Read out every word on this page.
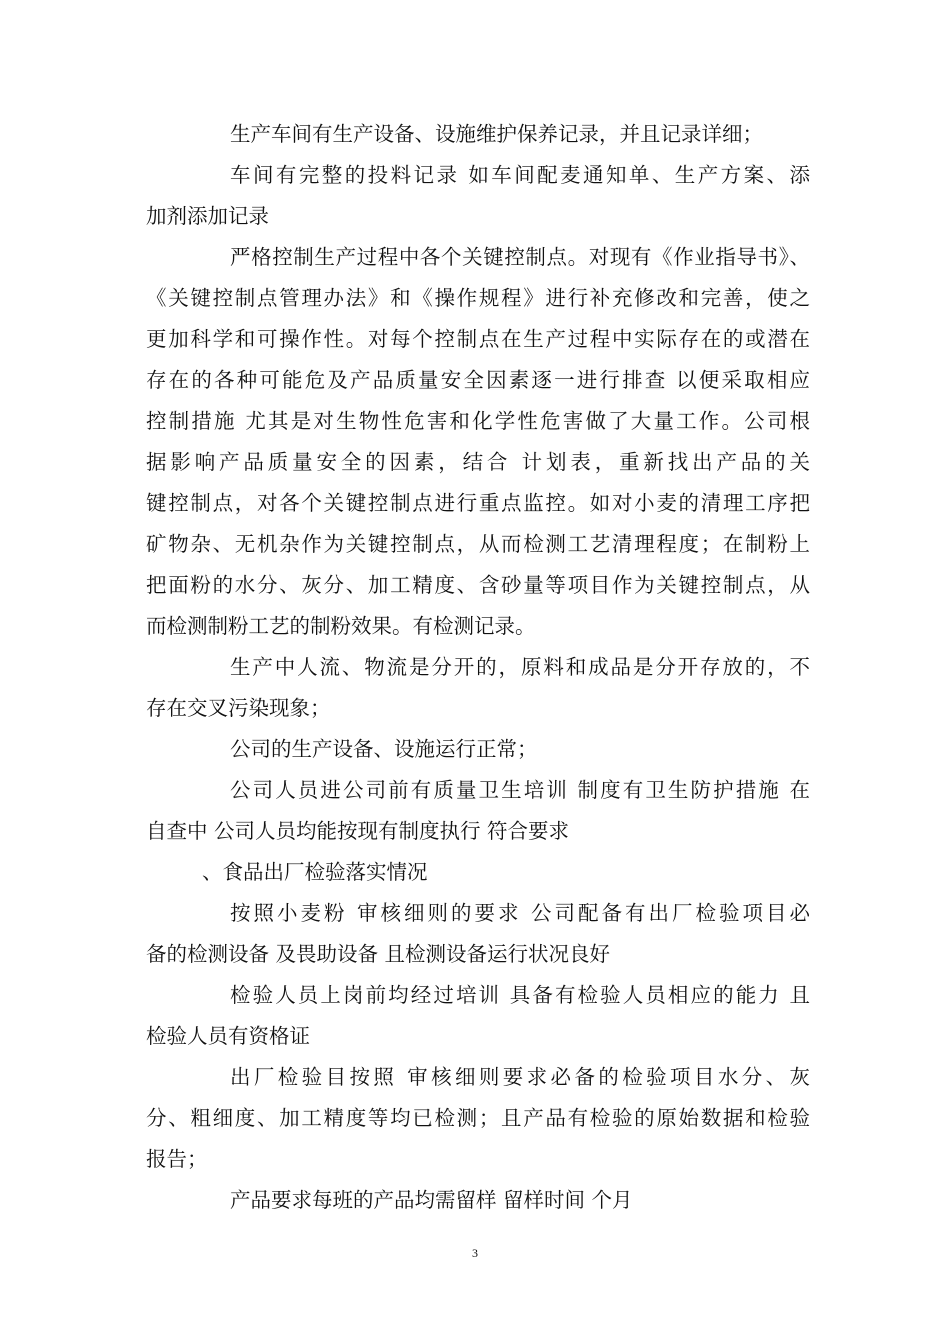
生产车间有生产设备、设施维护保养记录，并且记录详细；
车间有完整的投料记录 如车间配麦通知单、生产方案、添
加剂添加记录
严格控制生产过程中各个关键控制点。对现有《作业指导书》、
《关键控制点管理办法》和《操作规程》进行补充修改和完善，使之
更加科学和可操作性。对每个控制点在生产过程中实际存在的或潜在
存在的各种可能危及产品质量安全因素逐一进行排查 以便采取相应
控制措施 尤其是对生物性危害和化学性危害做了大量工作。公司根
据影响产品质量安全的因素，结合 计划表，重新找出产品的关
键控制点，对各个关键控制点进行重点监控。如对小麦的清理工序把
矿物杂、无机杂作为关键控制点，从而检测工艺清理程度；在制粉上
把面粉的水分、灰分、加工精度、含砂量等项目作为关键控制点，从
而检测制粉工艺的制粉效果。有检测记录。
生产中人流、物流是分开的，原料和成品是分开存放的，不
存在交叉污染现象；
公司的生产设备、设施运行正常；
公司人员进公司前有质量卫生培训 制度有卫生防护措施 在
自查中 公司人员均能按现有制度执行 符合要求
、食品出厂检验落实情况
按照小麦粉 审核细则的要求 公司配备有出厂检验项目必
备的检测设备 及畏助设备 且检测设备运行状况良好
检验人员上岗前均经过培训 具备有检验人员相应的能力 且
检验人员有资格证
出厂检验目按照 审核细则要求必备的检验项目水分、灰
分、粗细度、加工精度等均已检测；且产品有检验的原始数据和检验
报告；
产品要求每班的产品均需留样 留样时间 个月
3
